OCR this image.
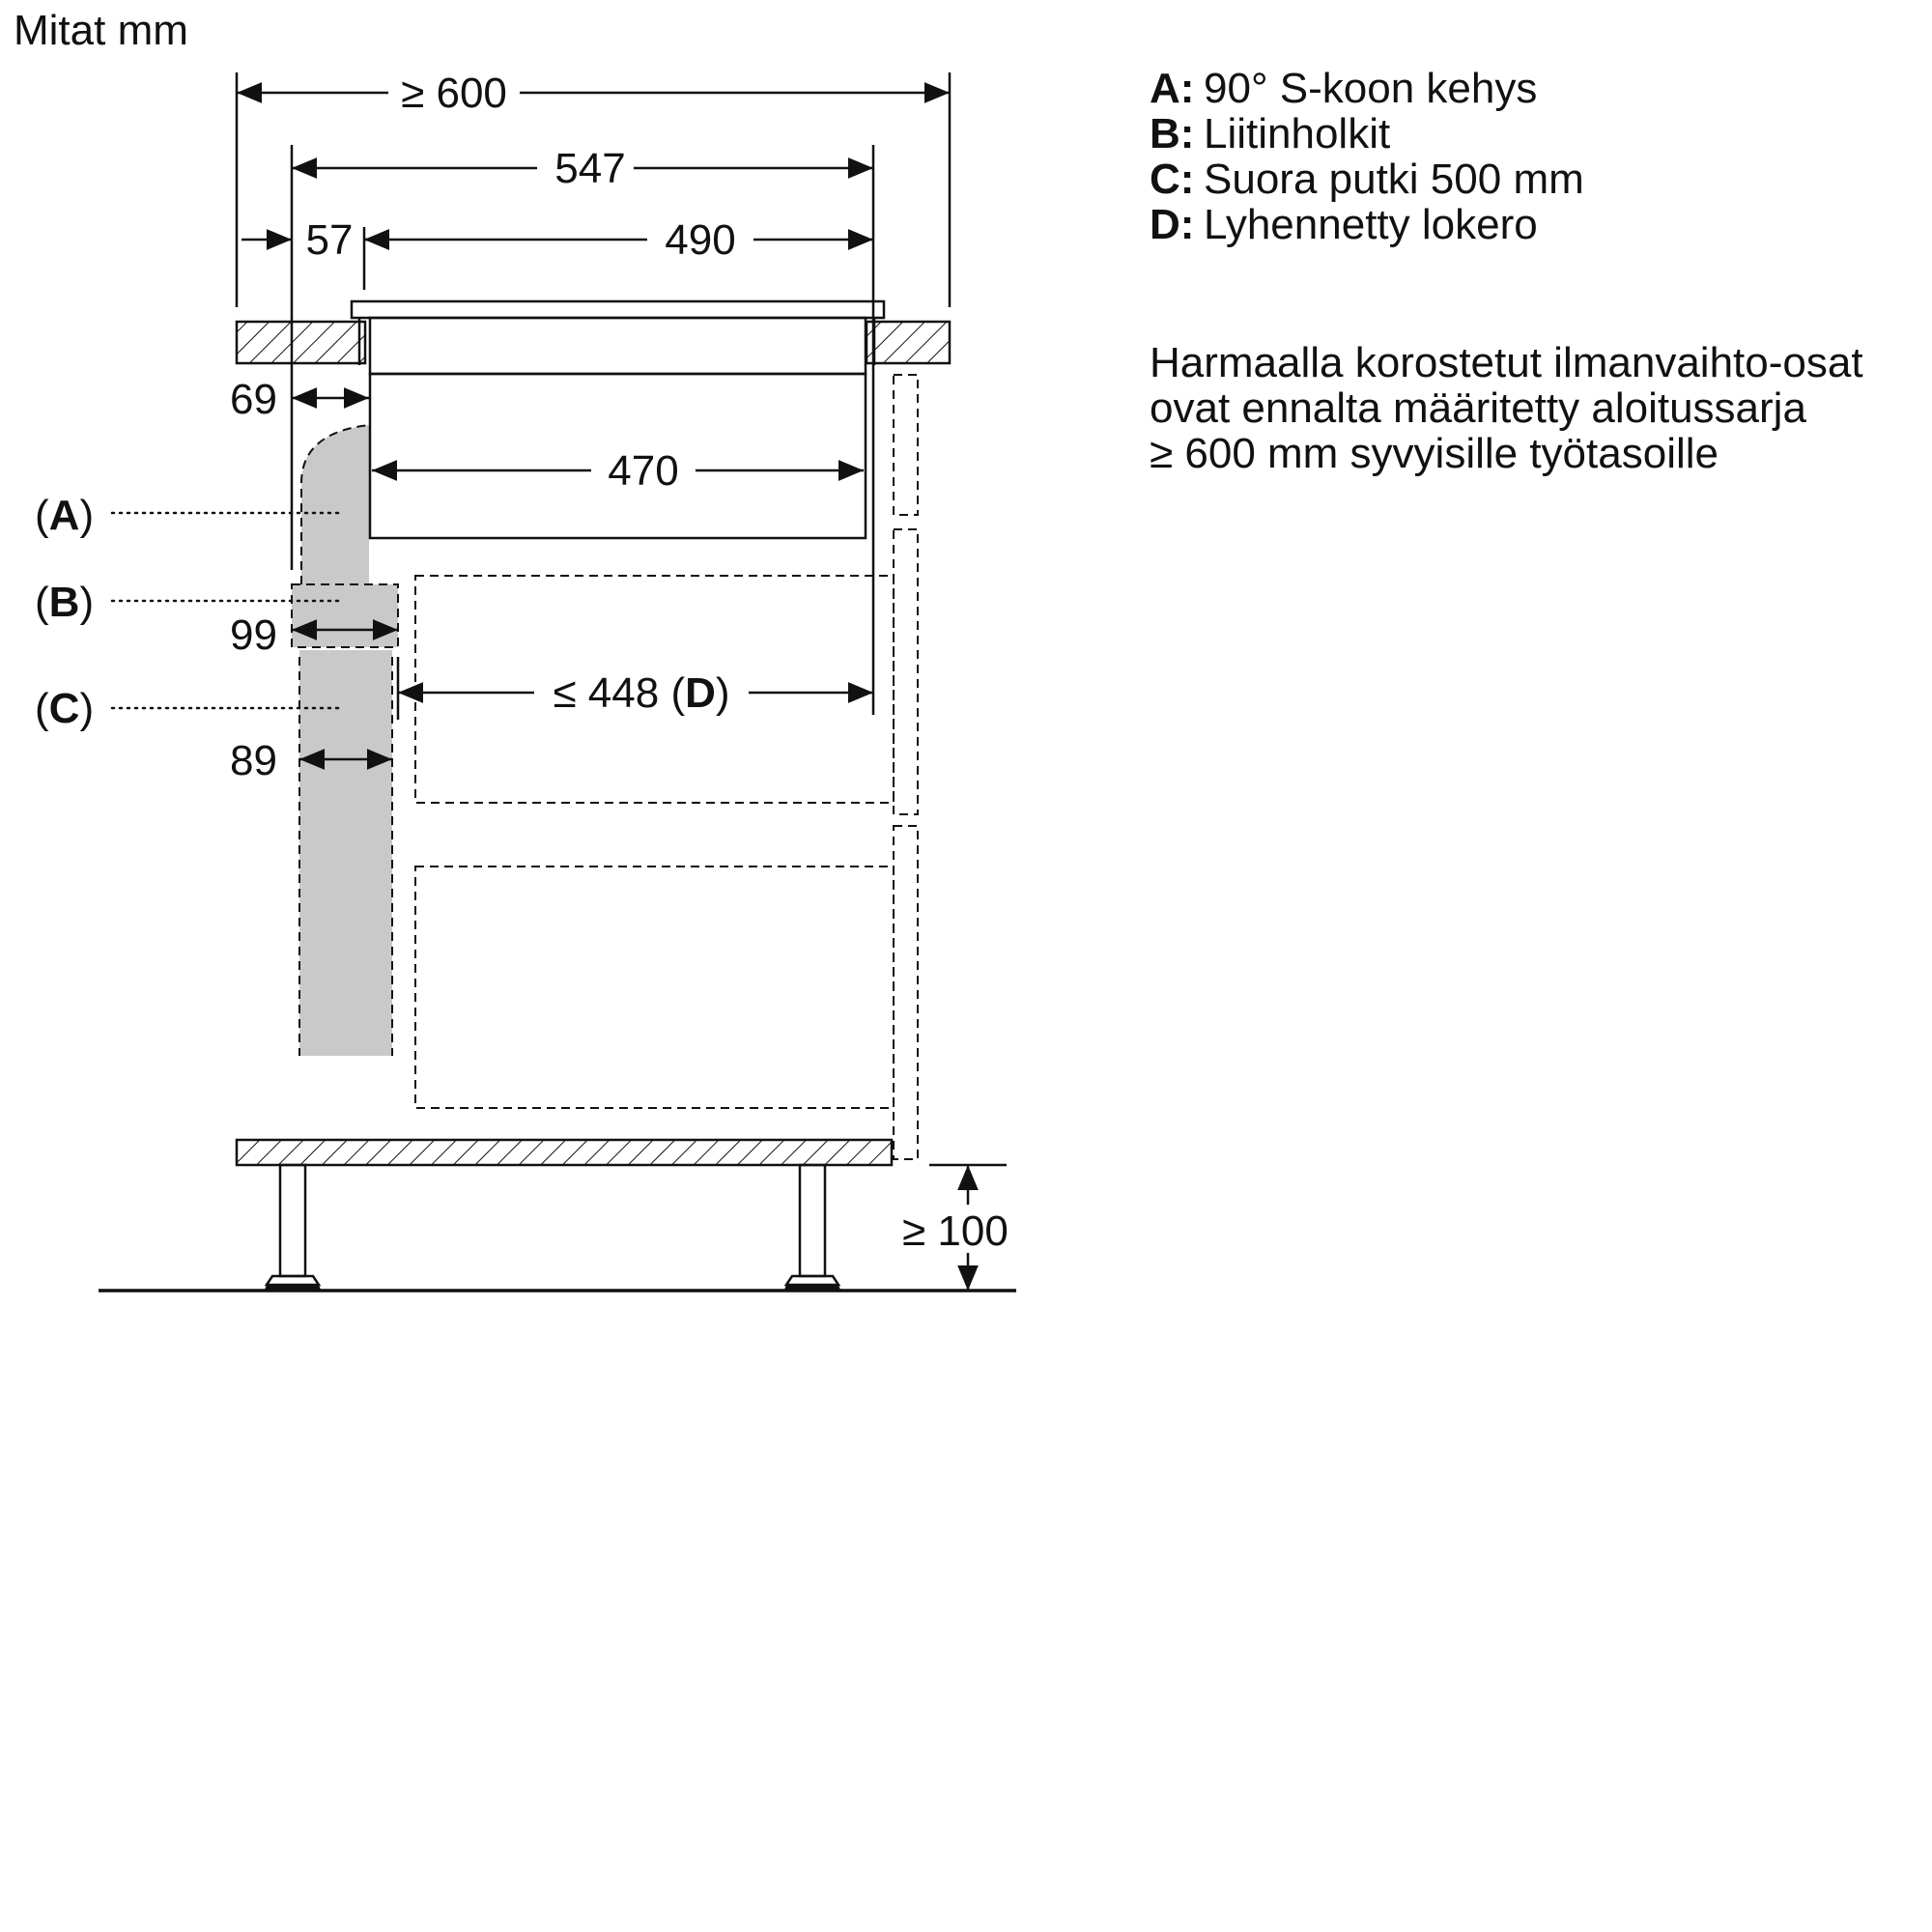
Mitat mm
A: 90° S-koon kehys
B: Liitinholkit
C: Suora putki 500 mm
D: Lyhennetty lokero
Harmaalla korostetut ilmanvaihto-osat
ovat ennalta määritetty aloitussarja
≥ 600 mm syvyisille työtasoille
≥ 600
547
57	490
69
470
99
≤ 448 (D)
89
≥ 100
(A)
(B)
(C)
